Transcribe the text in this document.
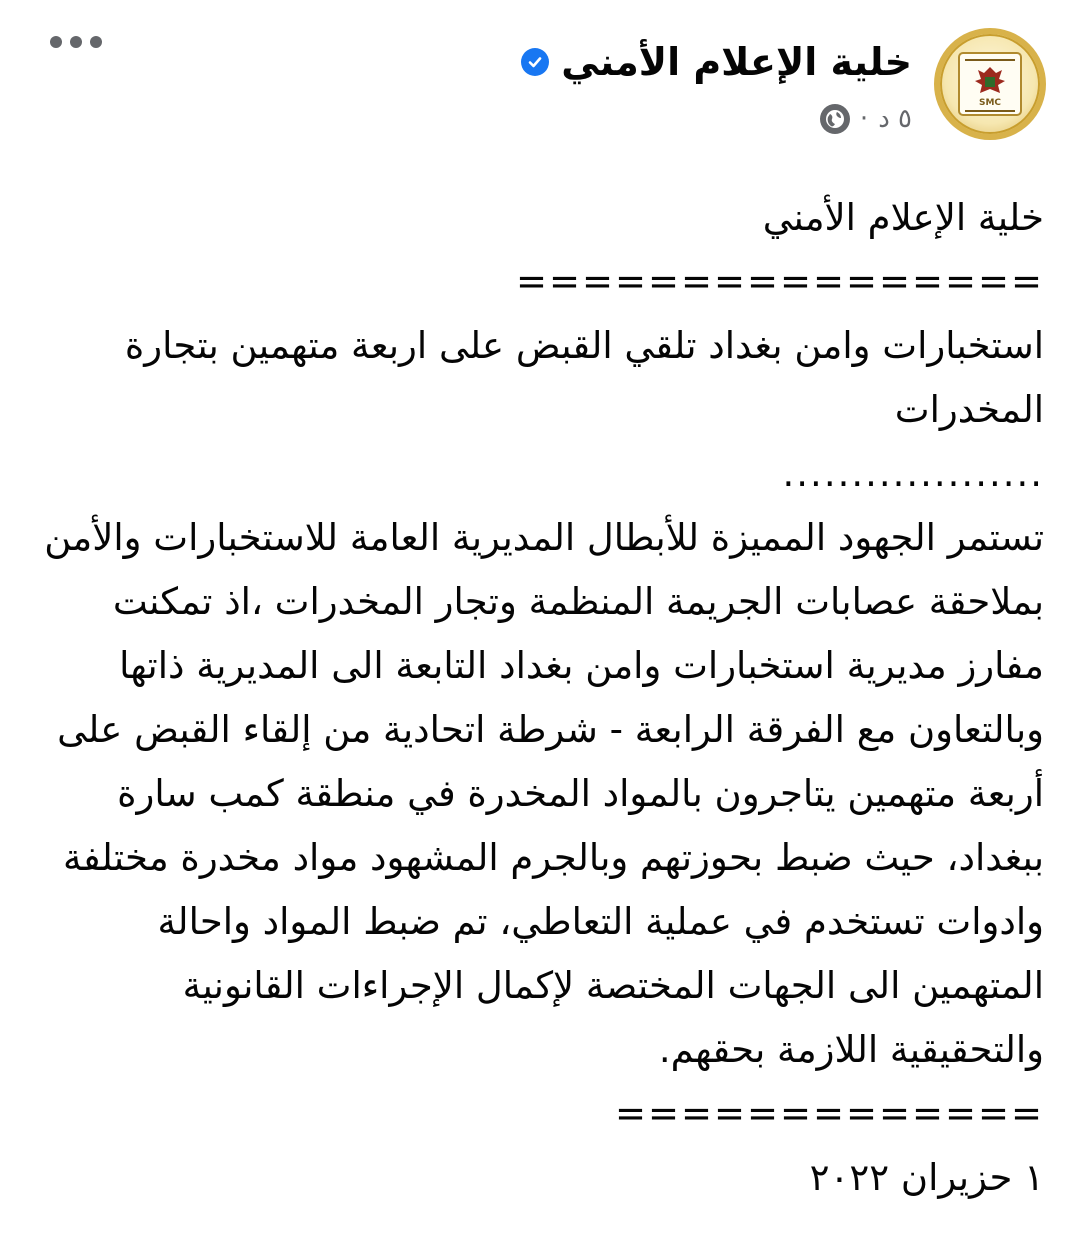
SMC
خلية الإعلام الأمني
٥ د
·

خلية الإعلام الأمني

================

استخبارات وامن بغداد تلقي القبض على اربعة متهمين بتجارة المخدرات

...................

تستمر الجهود المميزة للأبطال المديرية العامة للاستخبارات والأمن بملاحقة عصابات الجريمة المنظمة وتجار المخدرات ،اذ تمكنت مفارز مديرية استخبارات وامن بغداد التابعة الى المديرية ذاتها وبالتعاون مع الفرقة الرابعة - شرطة اتحادية من إلقاء القبض على أربعة متهمين يتاجرون بالمواد المخدرة في منطقة كمب سارة ببغداد، حيث ضبط بحوزتهم وبالجرم المشهود مواد مخدرة مختلفة وادوات تستخدم في عملية التعاطي، تم ضبط المواد واحالة المتهمين الى الجهات المختصة لإكمال الإجراءات القانونية والتحقيقية اللازمة بحقهم.

=============

١ حزيران ٢٠٢٢
